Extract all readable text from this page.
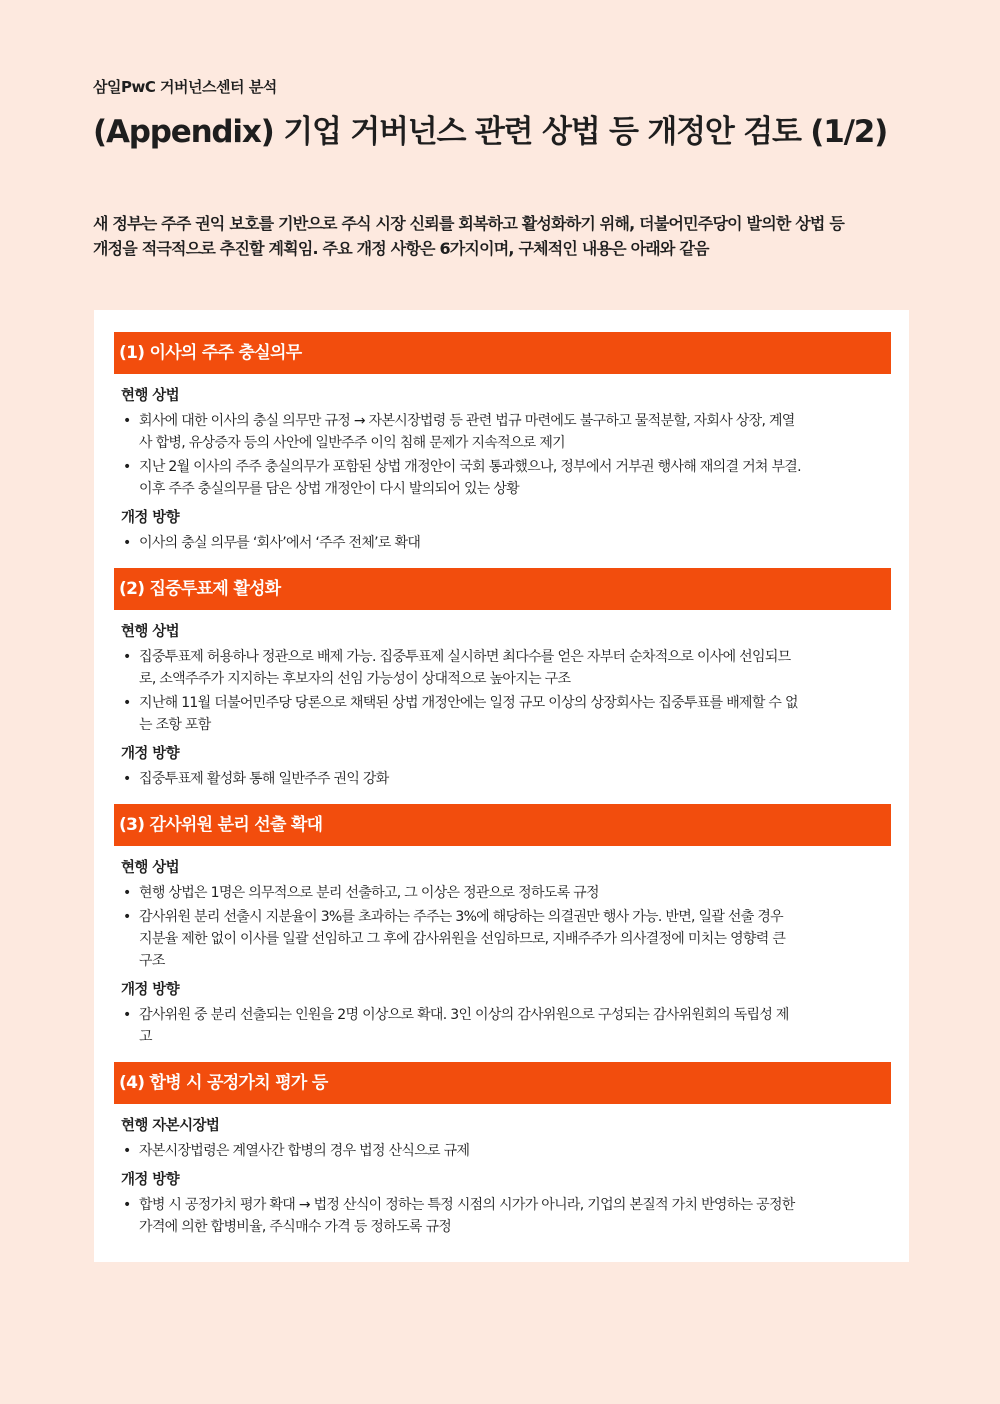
삼일PwC 거버넌스센터 분석

(Appendix) 기업 거버넌스 관련 상법 등 개정안 검토 (1/2)
새 정부는 주주 권익 보호를 기반으로 주식 시장 신뢰를 회복하고 활성화하기 위해, 더불어민주당이 발의한 상법 등
개정을 적극적으로 추진할 계획임. 주요 개정 사항은 6가지이며, 구체적인 내용은 아래와 같음
(1) 이사의 주주 충실의무
현행 상법
• 회사에 대한 이사의 충실 의무만 규정 → 자본시장법령 등 관련 법규 마련에도 불구하고 물적분할, 자회사 상장, 계열
사 합병, 유상증자 등의 사안에 일반주주 이익 침해 문제가 지속적으로 제기
• 지난 2월 이사의 주주 충실의무가 포함된 상법 개정안이 국회 통과했으나, 정부에서 거부권 행사해 재의결 거쳐 부결.
이후 주주 충실의무를 담은 상법 개정안이 다시 발의되어 있는 상황
개정 방향
• 이사의 충실 의무를 ‘회사’에서 ‘주주 전체’로 확대
(2) 집중투표제 활성화
현행 상법
• 집중투표제 허용하나 정관으로 배제 가능. 집중투표제 실시하면 최다수를 얻은 자부터 순차적으로 이사에 선임되므
로, 소액주주가 지지하는 후보자의 선임 가능성이 상대적으로 높아지는 구조
• 지난해 11월 더불어민주당 당론으로 채택된 상법 개정안에는 일정 규모 이상의 상장회사는 집중투표를 배제할 수 없
는 조항 포함
개정 방향
• 집중투표제 활성화 통해 일반주주 권익 강화
(3) 감사위원 분리 선출 확대
현행 상법
• 현행 상법은 1명은 의무적으로 분리 선출하고, 그 이상은 정관으로 정하도록 규정
• 감사위원 분리 선출시 지분율이 3%를 초과하는 주주는 3%에 해당하는 의결권만 행사 가능. 반면, 일괄 선출 경우
지분율 제한 없이 이사를 일괄 선임하고 그 후에 감사위원을 선임하므로, 지배주주가 의사결정에 미치는 영향력 큰
구조
개정 방향
• 감사위원 중 분리 선출되는 인원을 2명 이상으로 확대. 3인 이상의 감사위원으로 구성되는 감사위원회의 독립성 제
고
(4) 합병 시 공정가치 평가 등
현행 자본시장법
• 자본시장법령은 계열사간 합병의 경우 법정 산식으로 규제
개정 방향
• 합병 시 공정가치 평가 확대 → 법정 산식이 정하는 특정 시점의 시가가 아니라, 기업의 본질적 가치 반영하는 공정한
가격에 의한 합병비율, 주식매수 가격 등 정하도록 규정
